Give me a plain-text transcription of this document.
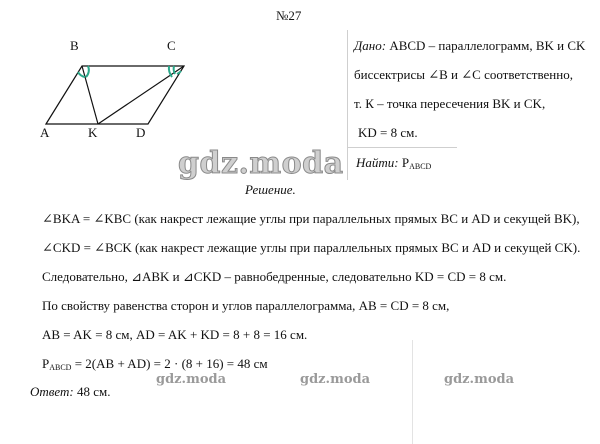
№27
B	C
A	K	D
Дано: ABCD – параллелограмм, BK и CK
биссектрисы ∠B и ∠C соответственно,
т. К – точка пересечения BK и CK,
KD = 8 см.
Найти: $P_{ABCD}$
gdz.moda
Решение.
∠BKA = ∠KBC (как накрест лежащие углы при параллельных прямых BC и AD и секущей BK),
∠CKD = ∠BCK (как накрест лежащие углы при параллельных прямых BC и AD и секущей CK).
Следовательно, ⊿ABK и ⊿CKD – равнобедренные, следовательно KD = CD = 8 см.
По свойству равенства сторон и углов параллелограмма, AB = CD = 8 см,
AB = AK = 8 см, AD = AK + KD = 8 + 8 = 16 см.
$P_{ABCD} = 2(AB + AD) = 2 \cdot (8 + 16) = 48$ см
Ответ: 48 см.
gdz.moda	gdz.moda	gdz.moda
